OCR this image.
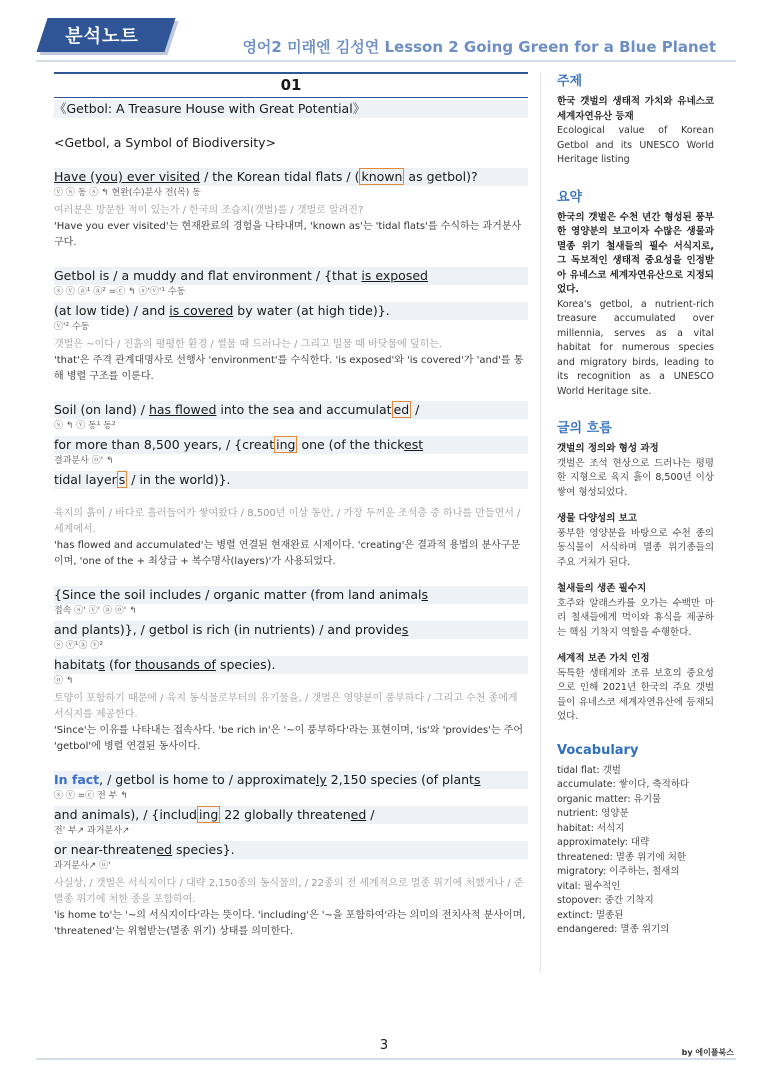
분석노트	영어2 미래엔 김성연 Lesson 2 Going Green for a Blue Planet
01
《Getbol: A Treasure House with Great Potential》
<Getbol, a Symbol of Biodiversity>
Have (you) ever visited / the Korean tidal flats / ( known as getbol)?
ⓥ ⓢ 동 ⓢ ↰ 현완(수)분사 전(목) 동
여러분은 방문한 적이 있는가 / 한국의 조습지(갯벌)를 / 갯벌로 알려진?
'Have you ever visited'는 현재완료의 경험을 나타내며, 'known as'는 'tidal flats'를 수식하는 과거분사구다.
Getbol is / a muddy and flat environment / {that is exposed
ⓢ ⓥ ⓐ¹ ⓐ² =ⓒ ↰ ⓢ'ⓥ'¹ 수동
(at low tide) / and is covered by water (at high tide)}.
ⓥ'² 수동
갯벌은 ~이다 / 진흙의 평평한 환경 / 썰물 때 드러나는 / 그리고 밀물 때 바닷물에 덮히는.
'that'은 주격 관계대명사로 선행사 'environment'를 수식한다. 'is exposed'와 'is covered'가 'and'를 통해 병렬 구조를 이룬다.
Soil (on land) / has flowed into the sea and accumulat ed /
ⓢ ↰ ⓥ 동¹ 동²
for more than 8,500 years, / {creat ing one (of the thickest
결과분사 ⓞ' ↰
tidal layer s / in the world)}.
육지의 흙이 / 바다로 흘러들어가 쌓여왔다 / 8,500년 이상 동안, / 가장 두꺼운 조석층 중 하나를 만들면서 / 세계에서.
'has flowed and accumulated'는 병렬 연결된 현재완료 시제이다. 'creating'은 결과적 용법의 분사구문이며, 'one of the + 최상급 + 복수명사(layers)'가 사용되었다.
{Since the soil includes / organic matter (from land animals
접속 ⓢ' ⓥ' ⓐ ⓞ' ↰
and plants)}, / getbol is rich (in nutrients) / and provides
ⓢ ⓥ¹ⓐ ⓥ²
habitats (for thousands of species).
ⓞ ↰
토양이 포함하기 때문에 / 육지 동식물로부터의 유기물을, / 갯벌은 영양분이 풍부하다 / 그리고 수천 종에게 서식지를 제공한다.
'Since'는 이유를 나타내는 접속사다. 'be rich in'은 '~이 풍부하다'라는 표현이며, 'is'와 'provides'는 주어 'getbol'에 병렬 연결된 동사이다.
In fact, / getbol is home to / approximately 2,150 species (of plants
ⓢ ⓥ =ⓒ 전 부 ↰
and animals), / {includ ing 22 globally threatened /
전' 부↗ 과거분사↗
or near-threatened species}.
과거분사↗ ⓞ'
사실상, / 갯벌은 서식지이다 / 대략 2,150종의 동식물의, / 22종의 전 세계적으로 멸종 위기에 처했거나 / 준 멸종 위기에 처한 종을 포함하여.
'is home to'는 '~의 서식지이다'라는 뜻이다. 'including'은 '~을 포함하여'라는 의미의 전치사적 분사이며, 'threatened'는 위협받는(멸종 위기) 상태를 의미한다.
주제
한국 갯벌의 생태적 가치와 유네스코 세계자연유산 등재
Ecological value of Korean Getbol and its UNESCO World Heritage listing
요약
한국의 갯벌은 수천 년간 형성된 풍부한 영양분의 보고이자 수많은 생물과 멸종 위기 철새들의 필수 서식지로, 그 독보적인 생태적 중요성을 인정받아 유네스코 세계자연유산으로 지정되었다.
Korea's getbol, a nutrient-rich treasure accumulated over millennia, serves as a vital habitat for numerous species and migratory birds, leading to its recognition as a UNESCO World Heritage site.
글의 흐름
갯벌의 정의와 형성 과정
갯벌은 조석 현상으로 드러나는 평평한 지형으로 육지 흙이 8,500년 이상 쌓여 형성되었다.
생물 다양성의 보고
풍부한 영양분을 바탕으로 수천 종의 동식물이 서식하며 멸종 위기종들의 주요 거처가 된다.
철새들의 생존 필수지
호주와 알래스카를 오가는 수백만 마리 철새들에게 먹이와 휴식을 제공하는 핵심 기착지 역할을 수행한다.
세계적 보존 가치 인정
독특한 생태계와 조류 보호의 중요성으로 인해 2021년 한국의 주요 갯벌들이 유네스코 세계자연유산에 등재되었다.
Vocabulary
tidal flat: 갯벌
accumulate: 쌓이다, 축적하다
organic matter: 유기물
nutrient: 영양분
habitat: 서식지
approximately: 대략
threatened: 멸종 위기에 처한
migratory: 이주하는, 철새의
vital: 필수적인
stopover: 중간 기착지
extinct: 멸종된
endangered: 멸종 위기의
3	by 에이플북스
